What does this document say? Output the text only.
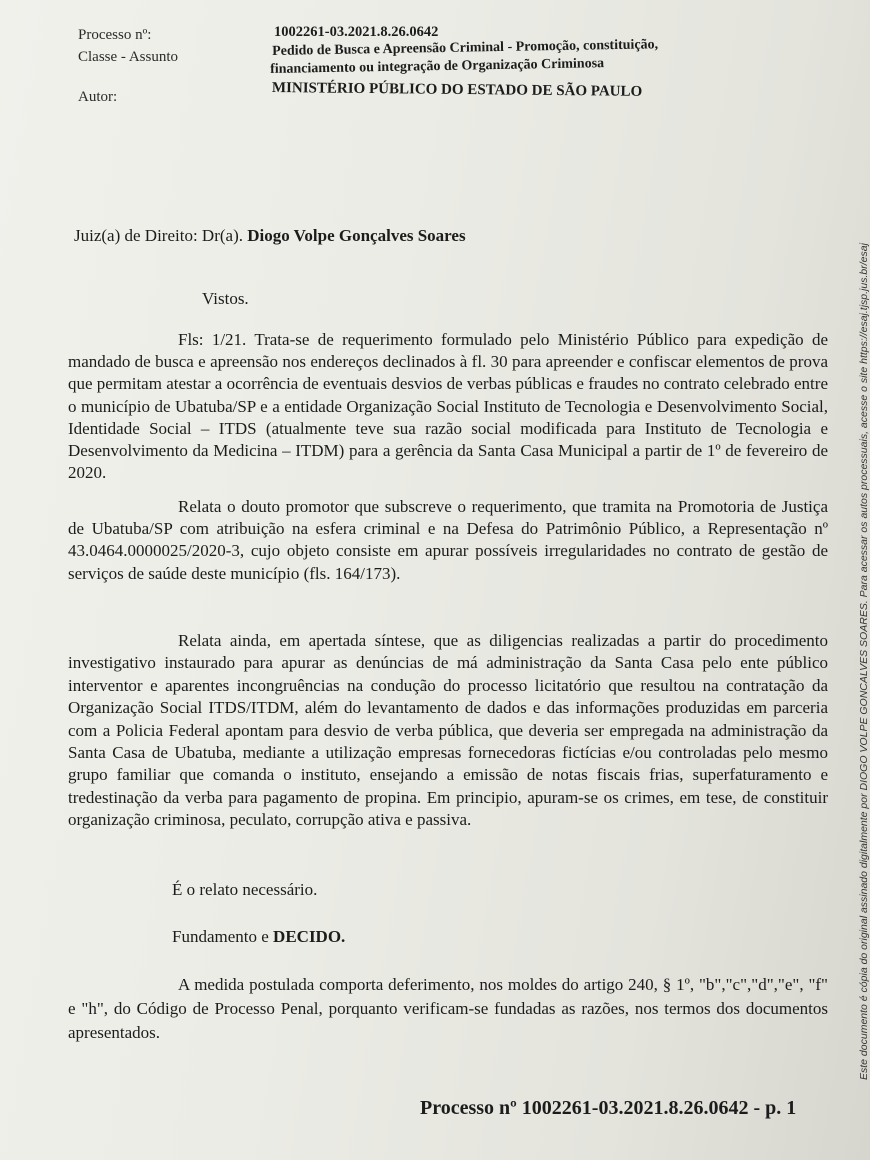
Processo nº:	1002261-03.2021.8.26.0642
Classe - Assunto	Pedido de Busca e Apreensão Criminal - Promoção, constituição,
financiamento ou integração de Organização Criminosa
Autor:	MINISTÉRIO PÚBLICO DO ESTADO DE SÃO PAULO
Juiz(a) de Direito: Dr(a). Diogo Volpe Gonçalves Soares
Vistos.

Fls: 1/21. Trata-se de requerimento formulado pelo Ministério Público para expedição de mandado de busca e apreensão nos endereços declinados à fl. 30 para apreender e confiscar elementos de prova que permitam atestar a ocorrência de eventuais desvios de verbas públicas e fraudes no contrato celebrado entre o município de Ubatuba/SP e a entidade Organização Social Instituto de Tecnologia e Desenvolvimento Social, Identidade Social – ITDS (atualmente teve sua razão social modificada para Instituto de Tecnologia e Desenvolvimento da Medicina – ITDM) para a gerência da Santa Casa Municipal a partir de 1º de fevereiro de 2020.

Relata o douto promotor que subscreve o requerimento, que tramita na Promotoria de Justiça de Ubatuba/SP com atribuição na esfera criminal e na Defesa do Patrimônio Público, a Representação nº 43.0464.0000025/2020-3, cujo objeto consiste em apurar possíveis irregularidades no contrato de gestão de serviços de saúde deste município (fls. 164/173).

Relata ainda, em apertada síntese, que as diligencias realizadas a partir do procedimento investigativo instaurado para apurar as denúncias de má administração da Santa Casa pelo ente público interventor e aparentes incongruências na condução do processo licitatório que resultou na contratação da Organização Social ITDS/ITDM, além do levantamento de dados e das informações produzidas em parceria com a Policia Federal apontam para desvio de verba pública, que deveria ser empregada na administração da Santa Casa de Ubatuba, mediante a utilização empresas fornecedoras fictícias e/ou controladas pelo mesmo grupo familiar que comanda o instituto, ensejando a emissão de notas fiscais frias, superfaturamento e tredestinação da verba para pagamento de propina. Em principio, apuram-se os crimes, em tese, de constituir organização criminosa, peculato, corrupção ativa e passiva.

É o relato necessário.
Fundamento e DECIDO.

A medida postulada comporta deferimento, nos moldes do artigo 240, § 1º, "b","c","d","e", "f" e "h", do Código de Processo Penal, porquanto verificam-se fundadas as razões, nos termos dos documentos apresentados.

Processo nº 1002261-03.2021.8.26.0642 - p. 1
Este documento é cópia do original assinado digitalmente por DIOGO VOLPE GONCALVES SOARES. Para acessar os autos processuais, acesse o site https://esaj.tjsp.jus.br/esaj
